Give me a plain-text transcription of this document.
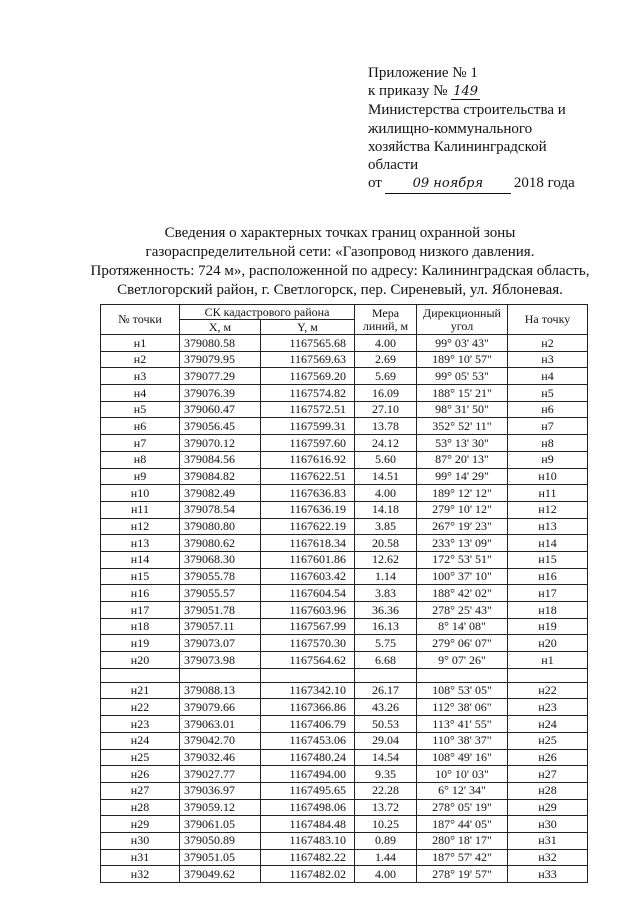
Приложение № 1
к приказу № 149
Министерства строительства и
жилищно-коммунального
хозяйства Калининградской
области
от 09 ноября 2018 года
Сведения о характерных точках границ охранной зоны
газораспределительной сети: «Газопровод низкого давления.
Протяженность: 724 м», расположенной по адресу: Калининградская область,
Светлогорский район, г. Светлогорск, пер. Сиреневый, ул. Яблоневая.
№ точки	СК кадастрового района		Мера линий, м	Дирекционный угол	На точку
	Х, м	Y, м			
н1	379080.58	1167565.68	4.00	99° 03' 43"	н2
н2	379079.95	1167569.63	2.69	189° 10' 57"	н3
н3	379077.29	1167569.20	5.69	99° 05' 53"	н4
н4	379076.39	1167574.82	16.09	188° 15' 21"	н5
н5	379060.47	1167572.51	27.10	98° 31' 50"	н6
н6	379056.45	1167599.31	13.78	352° 52' 11"	н7
н7	379070.12	1167597.60	24.12	53° 13' 30"	н8
н8	379084.56	1167616.92	5.60	87° 20' 13"	н9
н9	379084.82	1167622.51	14.51	99° 14' 29"	н10
н10	379082.49	1167636.83	4.00	189° 12' 12"	н11
н11	379078.54	1167636.19	14.18	279° 10' 12"	н12
н12	379080.80	1167622.19	3.85	267° 19' 23"	н13
н13	379080.62	1167618.34	20.58	233° 13' 09"	н14
н14	379068.30	1167601.86	12.62	172° 53' 51"	н15
н15	379055.78	1167603.42	1.14	100° 37' 10"	н16
н16	379055.57	1167604.54	3.83	188° 42' 02"	н17
н17	379051.78	1167603.96	36.36	278° 25' 43"	н18
н18	379057.11	1167567.99	16.13	8° 14' 08"	н19
н19	379073.07	1167570.30	5.75	279° 06' 07"	н20
н20	379073.98	1167564.62	6.68	9° 07' 26"	н1

н21	379088.13	1167342.10	26.17	108° 53' 05"	н22
н22	379079.66	1167366.86	43.26	112° 38' 06"	н23
н23	379063.01	1167406.79	50.53	113° 41' 55"	н24
н24	379042.70	1167453.06	29.04	110° 38' 37"	н25
н25	379032.46	1167480.24	14.54	108° 49' 16"	н26
н26	379027.77	1167494.00	9.35	10° 10' 03"	н27
н27	379036.97	1167495.65	22.28	6° 12' 34"	н28
н28	379059.12	1167498.06	13.72	278° 05' 19"	н29
н29	379061.05	1167484.48	10.25	187° 44' 05"	н30
н30	379050.89	1167483.10	0.89	280° 18' 17"	н31
н31	379051.05	1167482.22	1.44	187° 57' 42"	н32
н32	379049.62	1167482.02	4.00	278° 19' 57"	н33
